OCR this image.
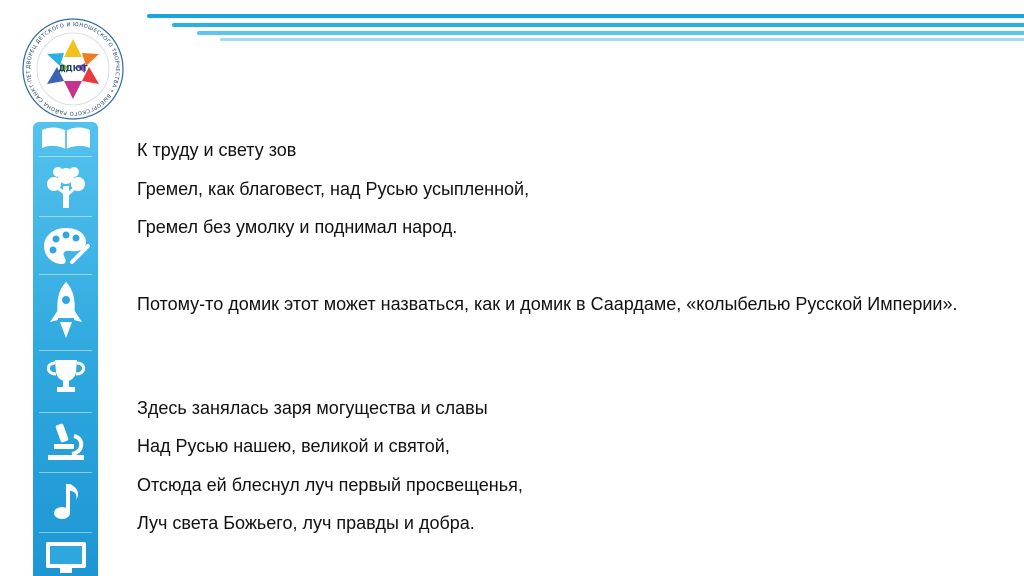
ДВОРЕЦ ДЕТСКОГО И ЮНОШЕСКОГО ТВОРЧЕСТВА • ВЫБОРГСКОГО РАЙОНА САНКТ-ПЕТ	ДДЮТ

К труду и свету зов

Гремел, как благовест, над Русью усыпленной,

Гремел без умолку и поднимал народ.

Потому-то домик этот может назваться, как и домик в Саардаме, «колыбелью Русской Империи».

Здесь занялась заря могущества и славы

Над Русью нашею, великой и святой,

Отсюда ей блеснул луч первый просвещенья,

Луч света Божьего, луч правды и добра.
